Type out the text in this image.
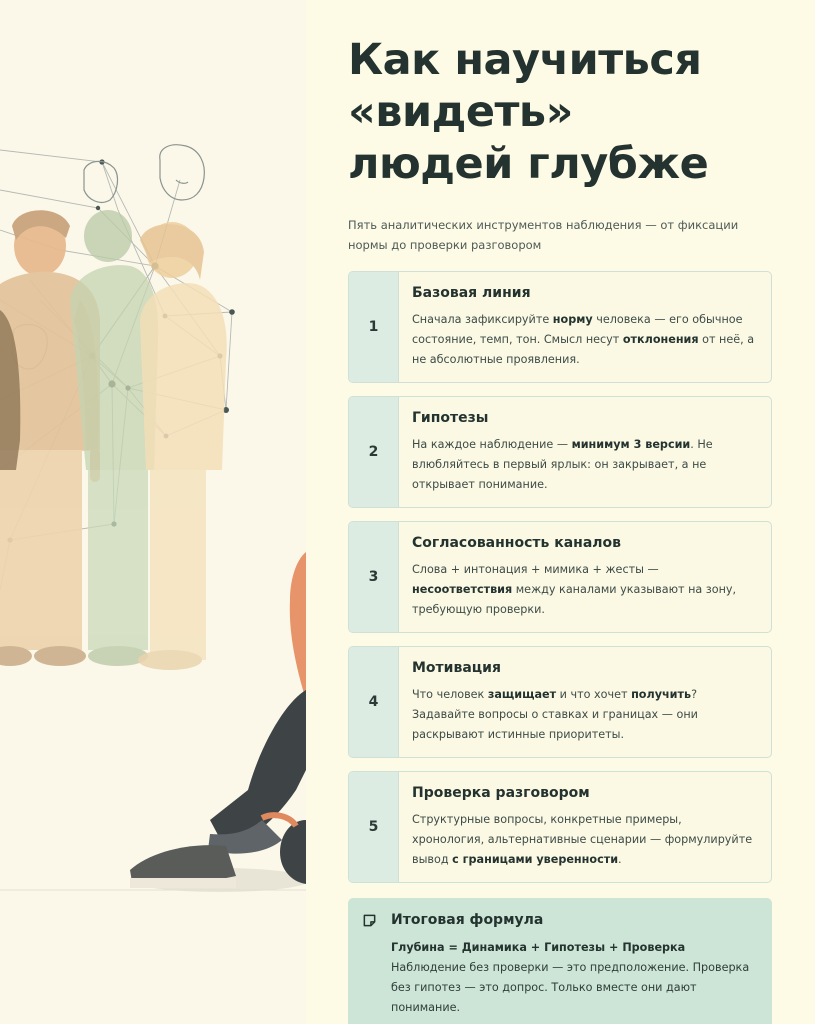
Как научиться «видеть» людей глубже

Пять аналитических инструментов наблюдения — от фиксации нормы до проверки разговором

1
Базовая линия

Сначала зафиксируйте норму человека — его обычное состояние, темп, тон. Смысл несут отклонения от неё, а не абсолютные проявления.

2
Гипотезы

На каждое наблюдение — минимум 3 версии. Не влюбляйтесь в первый ярлык: он закрывает, а не открывает понимание.

3
Согласованность каналов

Слова + интонация + мимика + жесты — несоответствия между каналами указывают на зону, требующую проверки.

4
Мотивация

Что человек защищает и что хочет получить? Задавайте вопросы о ставках и границах — они раскрывают истинные приоритеты.

5
Проверка разговором

Структурные вопросы, конкретные примеры, хронология, альтернативные сценарии — формулируйте вывод с границами уверенности.

Итоговая формула

Глубина = Динамика + Гипотезы + Проверка

Наблюдение без проверки — это предположение. Проверка без гипотез — это допрос. Только вместе они дают понимание.
